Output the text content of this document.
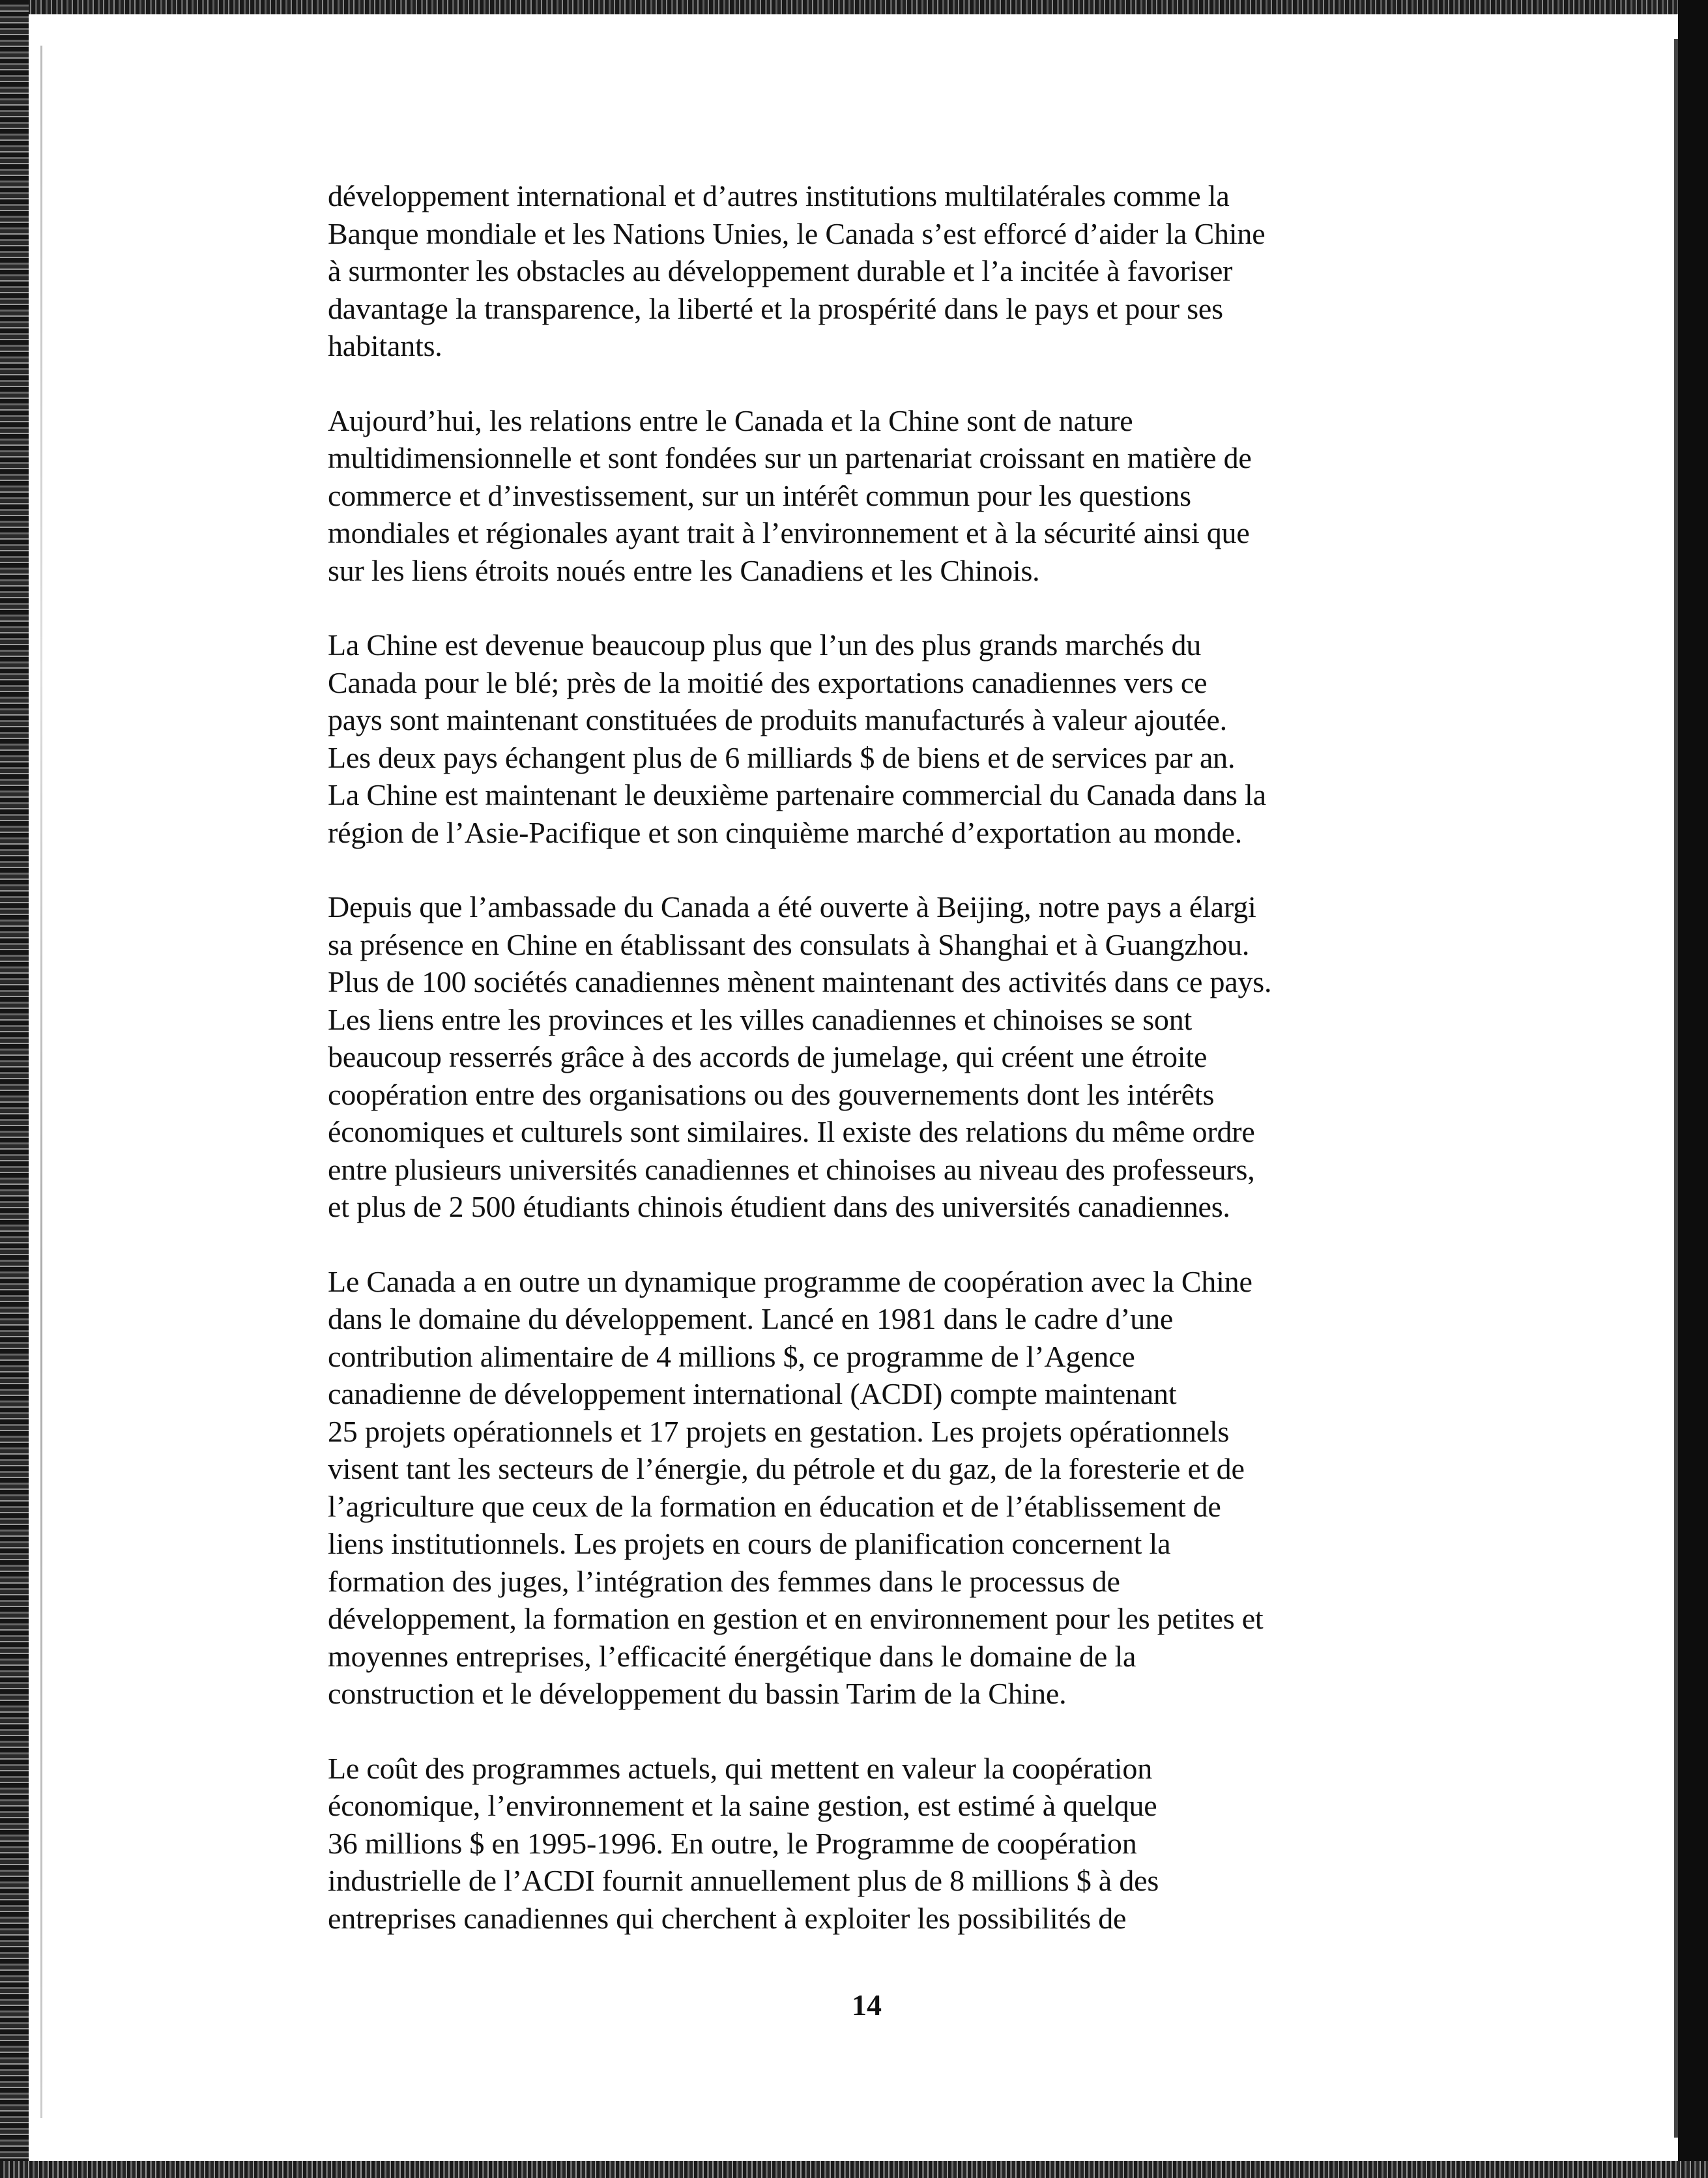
développement international et d’autres institutions multilatérales comme la
Banque mondiale et les Nations Unies, le Canada s’est efforcé d’aider la Chine
à surmonter les obstacles au développement durable et l’a incitée à favoriser
davantage la transparence, la liberté et la prospérité dans le pays et pour ses
habitants.

Aujourd’hui, les relations entre le Canada et la Chine sont de nature
multidimensionnelle et sont fondées sur un partenariat croissant en matière de
commerce et d’investissement, sur un intérêt commun pour les questions
mondiales et régionales ayant trait à l’environnement et à la sécurité ainsi que
sur les liens étroits noués entre les Canadiens et les Chinois.

La Chine est devenue beaucoup plus que l’un des plus grands marchés du
Canada pour le blé; près de la moitié des exportations canadiennes vers ce
pays sont maintenant constituées de produits manufacturés à valeur ajoutée.
Les deux pays échangent plus de 6 milliards $ de biens et de services par an.
La Chine est maintenant le deuxième partenaire commercial du Canada dans la
région de l’Asie-Pacifique et son cinquième marché d’exportation au monde.

Depuis que l’ambassade du Canada a été ouverte à Beijing, notre pays a élargi
sa présence en Chine en établissant des consulats à Shanghai et à Guangzhou.
Plus de 100 sociétés canadiennes mènent maintenant des activités dans ce pays.
Les liens entre les provinces et les villes canadiennes et chinoises se sont
beaucoup resserrés grâce à des accords de jumelage, qui créent une étroite
coopération entre des organisations ou des gouvernements dont les intérêts
économiques et culturels sont similaires. Il existe des relations du même ordre
entre plusieurs universités canadiennes et chinoises au niveau des professeurs,
et plus de 2 500 étudiants chinois étudient dans des universités canadiennes.

Le Canada a en outre un dynamique programme de coopération avec la Chine
dans le domaine du développement. Lancé en 1981 dans le cadre d’une
contribution alimentaire de 4 millions $, ce programme de l’Agence
canadienne de développement international (ACDI) compte maintenant
25 projets opérationnels et 17 projets en gestation. Les projets opérationnels
visent tant les secteurs de l’énergie, du pétrole et du gaz, de la foresterie et de
l’agriculture que ceux de la formation en éducation et de l’établissement de
liens institutionnels. Les projets en cours de planification concernent la
formation des juges, l’intégration des femmes dans le processus de
développement, la formation en gestion et en environnement pour les petites et
moyennes entreprises, l’efficacité énergétique dans le domaine de la
construction et le développement du bassin Tarim de la Chine.

Le coût des programmes actuels, qui mettent en valeur la coopération
économique, l’environnement et la saine gestion, est estimé à quelque
36 millions $ en 1995-1996. En outre, le Programme de coopération
industrielle de l’ACDI fournit annuellement plus de 8 millions $ à des
entreprises canadiennes qui cherchent à exploiter les possibilités de

14
